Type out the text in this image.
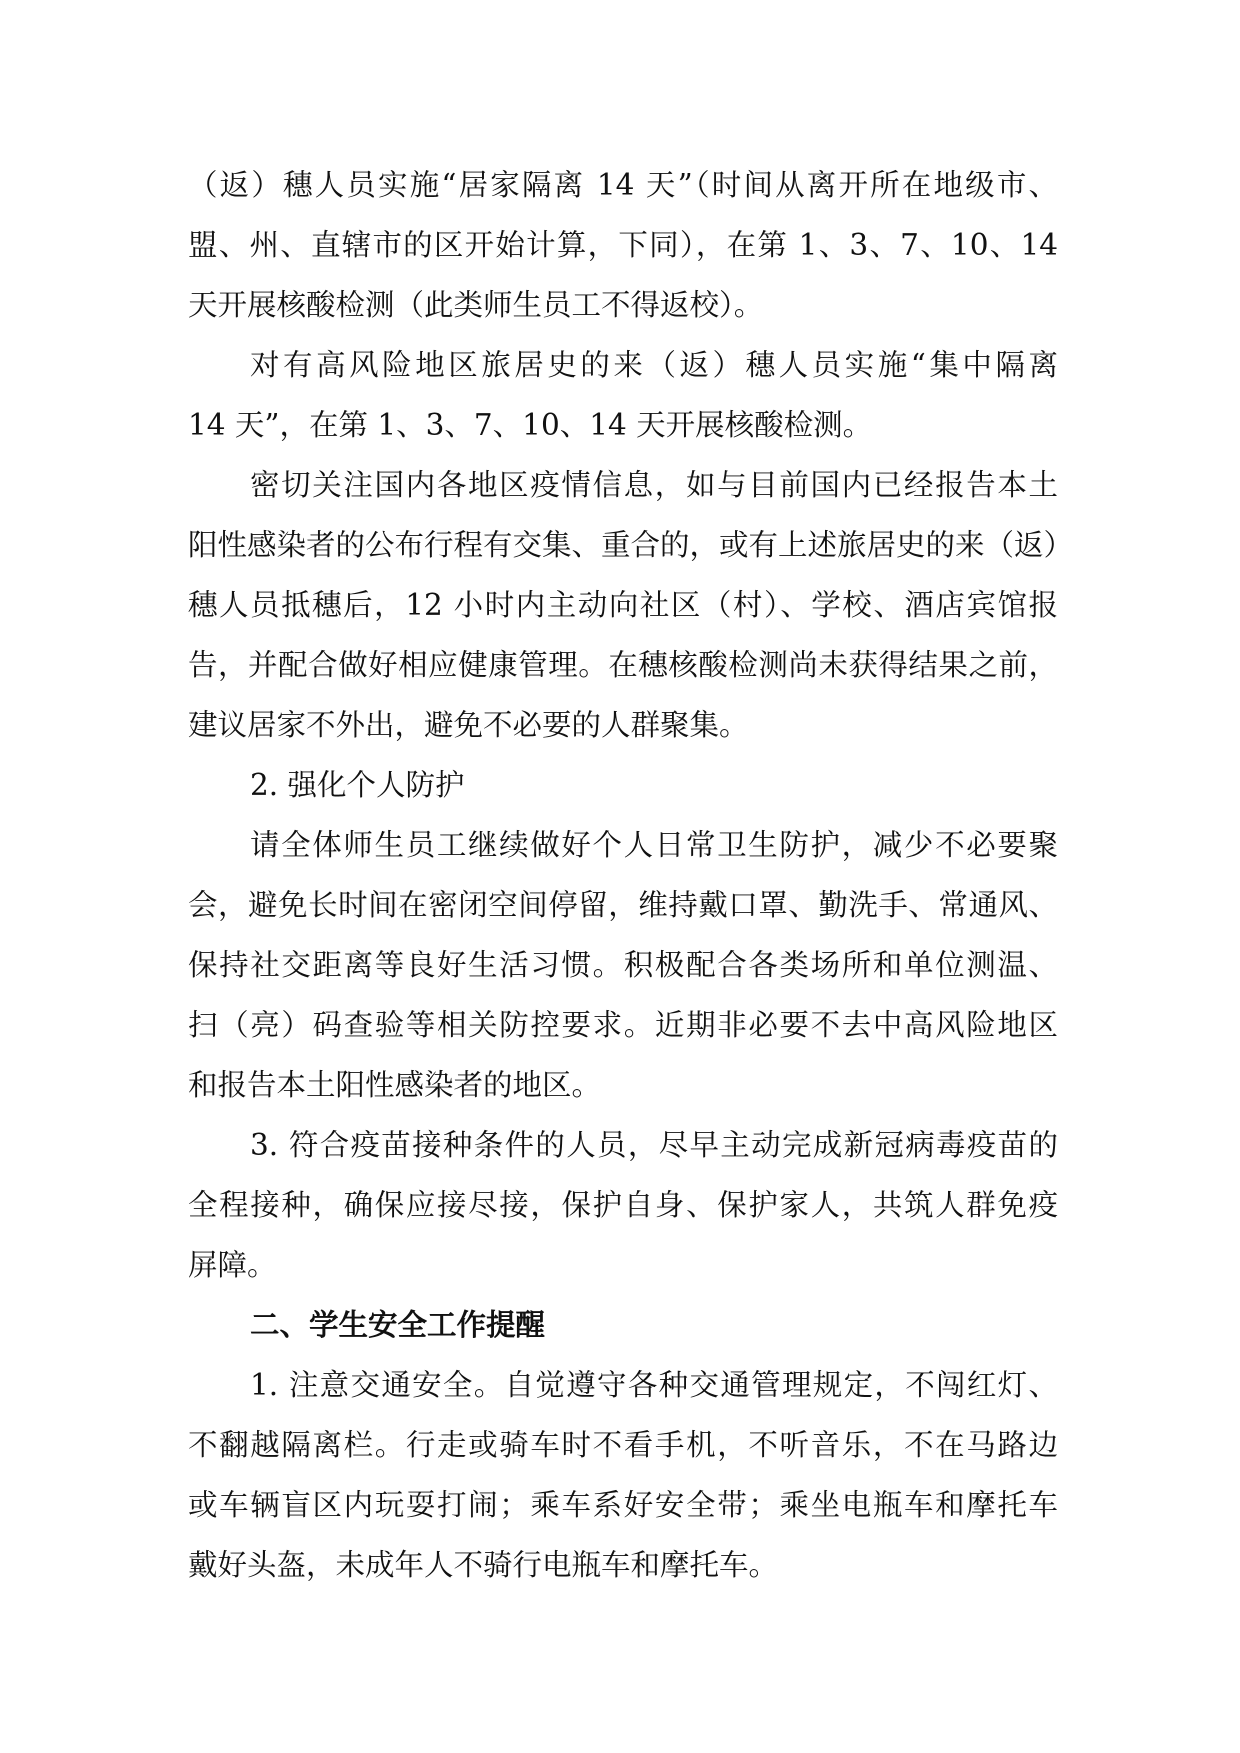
（返）穗人员实施“居家隔离 14 天”（时间从离开所在地级市、
盟、州、直辖市的区开始计算，下同），在第 1、3、7、10、14
天开展核酸检测（此类师生员工不得返校）。
对有高风险地区旅居史的来（返）穗人员实施“集中隔离
14 天”，在第 1、3、7、10、14 天开展核酸检测。
密切关注国内各地区疫情信息，如与目前国内已经报告本土
阳性感染者的公布行程有交集、重合的，或有上述旅居史的来（返）
穗人员抵穗后，12 小时内主动向社区（村）、学校、酒店宾馆报
告，并配合做好相应健康管理。在穗核酸检测尚未获得结果之前，
建议居家不外出，避免不必要的人群聚集。
2. 强化个人防护
请全体师生员工继续做好个人日常卫生防护，减少不必要聚
会，避免长时间在密闭空间停留，维持戴口罩、勤洗手、常通风、
保持社交距离等良好生活习惯。积极配合各类场所和单位测温、
扫（亮）码查验等相关防控要求。近期非必要不去中高风险地区
和报告本土阳性感染者的地区。
3. 符合疫苗接种条件的人员，尽早主动完成新冠病毒疫苗的
全程接种，确保应接尽接，保护自身、保护家人，共筑人群免疫
屏障。
二、学生安全工作提醒
1. 注意交通安全。自觉遵守各种交通管理规定，不闯红灯、
不翻越隔离栏。行走或骑车时不看手机，不听音乐，不在马路边
或车辆盲区内玩耍打闹；乘车系好安全带；乘坐电瓶车和摩托车
戴好头盔，未成年人不骑行电瓶车和摩托车。
